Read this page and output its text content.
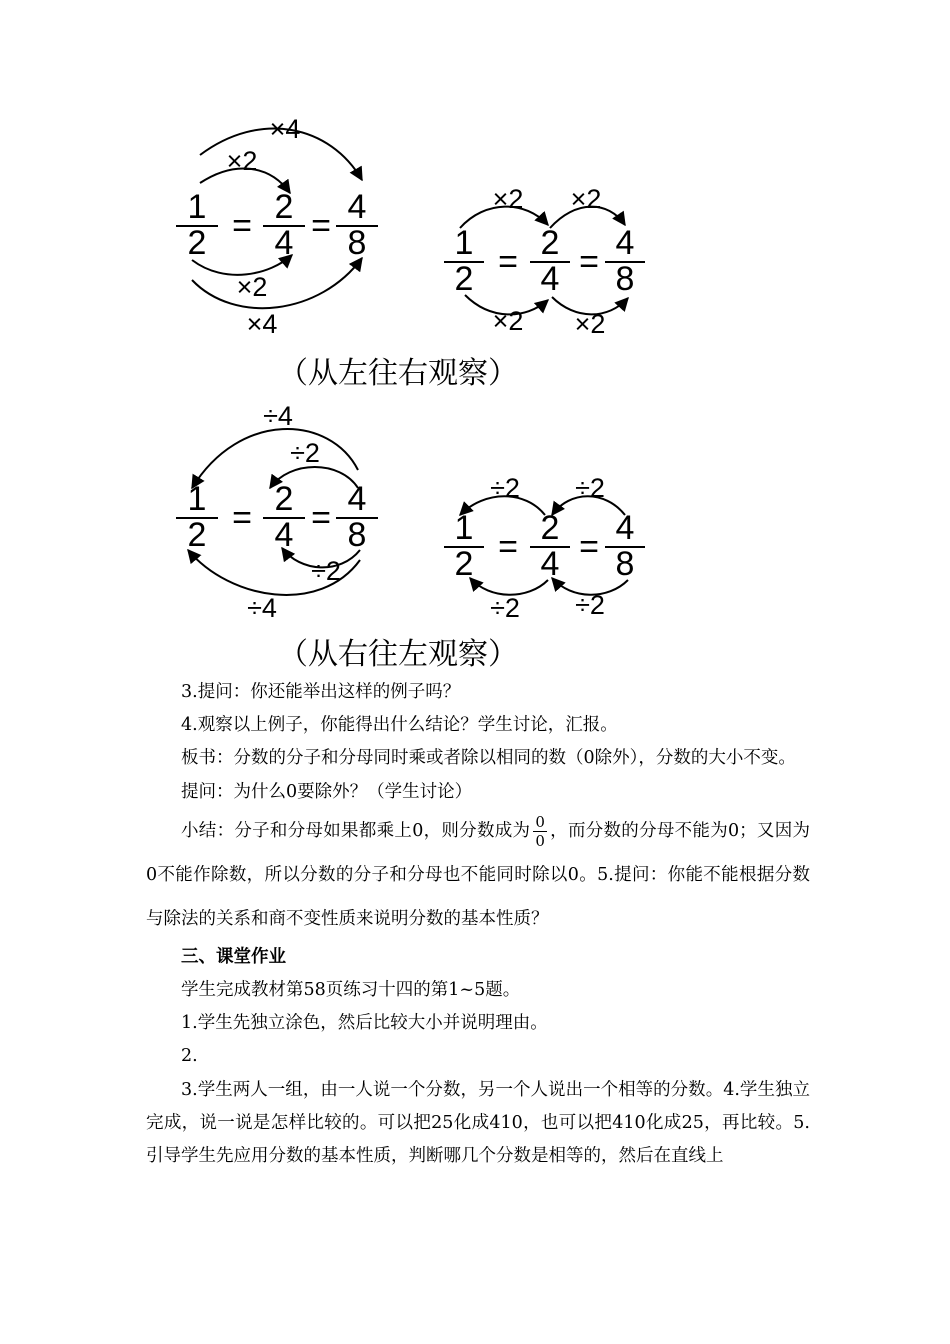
1
2 = 2
4 = 4
8
×4
×2
×2
×4
1
2 = 2
4 = 4
8
×2 ×2
×2 ×2
（从左往右观察）
1
2 = 2
4 = 4
8
÷4
÷2
÷2
÷4
1
2 = 2
4 = 4
8
÷2 ÷2
÷2 ÷2
（从右往左观察）

3.提问：你还能举出这样的例子吗？

4.观察以上例子，你能得出什么结论？学生讨论，汇报。

板书：分数的分子和分母同时乘或者除以相同的数（0除外），分数的大小不变。

提问：为什么0要除外？（学生讨论）

小结：分子和分母如果都乘上0，则分数成为 $\frac{0}{0}$ ，而分数的分母不能为0；又因为0不能作除数，所以分数的分子和分母也不能同时除以0。5.提问：你能不能根据分数与除法的关系和商不变性质来说明分数的基本性质？

三、课堂作业

学生完成教材第58页练习十四的第1~5题。

1.学生先独立涂色，然后比较大小并说明理由。

2.

3.学生两人一组，由一人说一个分数，另一个人说出一个相等的分数。4.学生独立完成，说一说是怎样比较的。可以把25化成410，也可以把410化成25，再比较。5.引导学生先应用分数的基本性质，判断哪几个分数是相等的，然后在直线上
